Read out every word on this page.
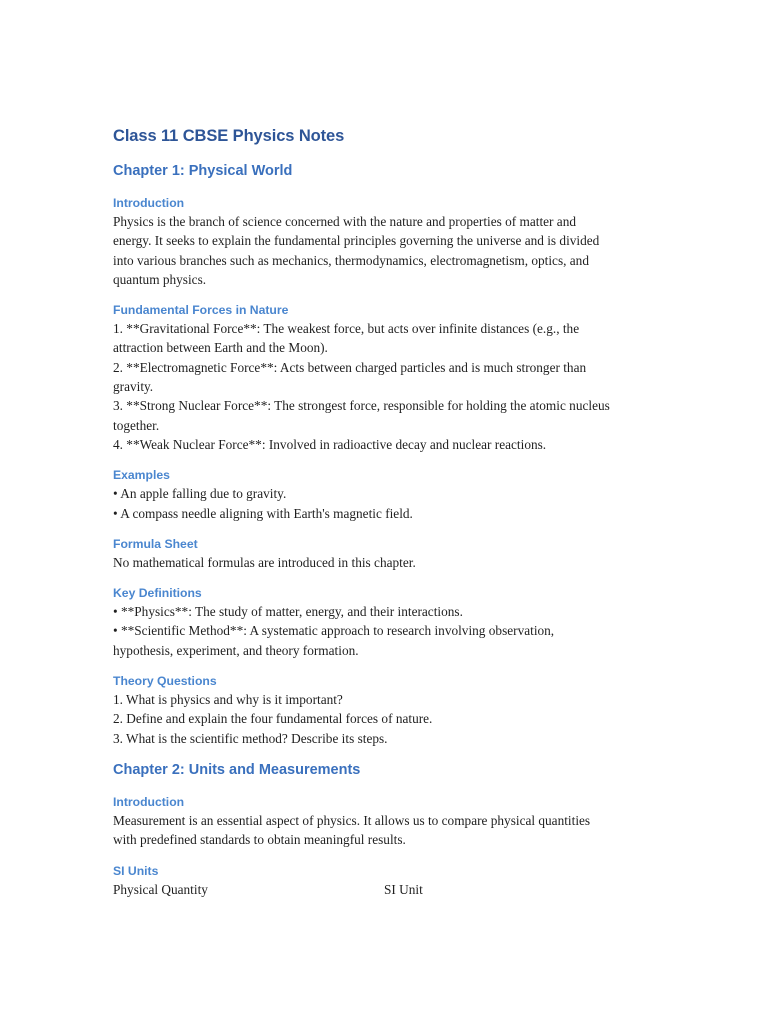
Class 11 CBSE Physics Notes
Chapter 1: Physical World
Introduction

Physics is the branch of science concerned with the nature and properties of matter and
energy. It seeks to explain the fundamental principles governing the universe and is divided
into various branches such as mechanics, thermodynamics, electromagnetism, optics, and
quantum physics.

Fundamental Forces in Nature

1. **Gravitational Force**: The weakest force, but acts over infinite distances (e.g., the
attraction between Earth and the Moon).
2. **Electromagnetic Force**: Acts between charged particles and is much stronger than
gravity.
3. **Strong Nuclear Force**: The strongest force, responsible for holding the atomic nucleus
together.
4. **Weak Nuclear Force**: Involved in radioactive decay and nuclear reactions.

Examples

• An apple falling due to gravity.
• A compass needle aligning with Earth's magnetic field.

Formula Sheet

No mathematical formulas are introduced in this chapter.

Key Definitions

• **Physics**: The study of matter, energy, and their interactions.
• **Scientific Method**: A systematic approach to research involving observation,
hypothesis, experiment, and theory formation.

Theory Questions

1. What is physics and why is it important?
2. Define and explain the four fundamental forces of nature.
3. What is the scientific method? Describe its steps.

Chapter 2: Units and Measurements
Introduction

Measurement is an essential aspect of physics. It allows us to compare physical quantities
with predefined standards to obtain meaningful results.

SI Units
Physical Quantity	SI Unit
